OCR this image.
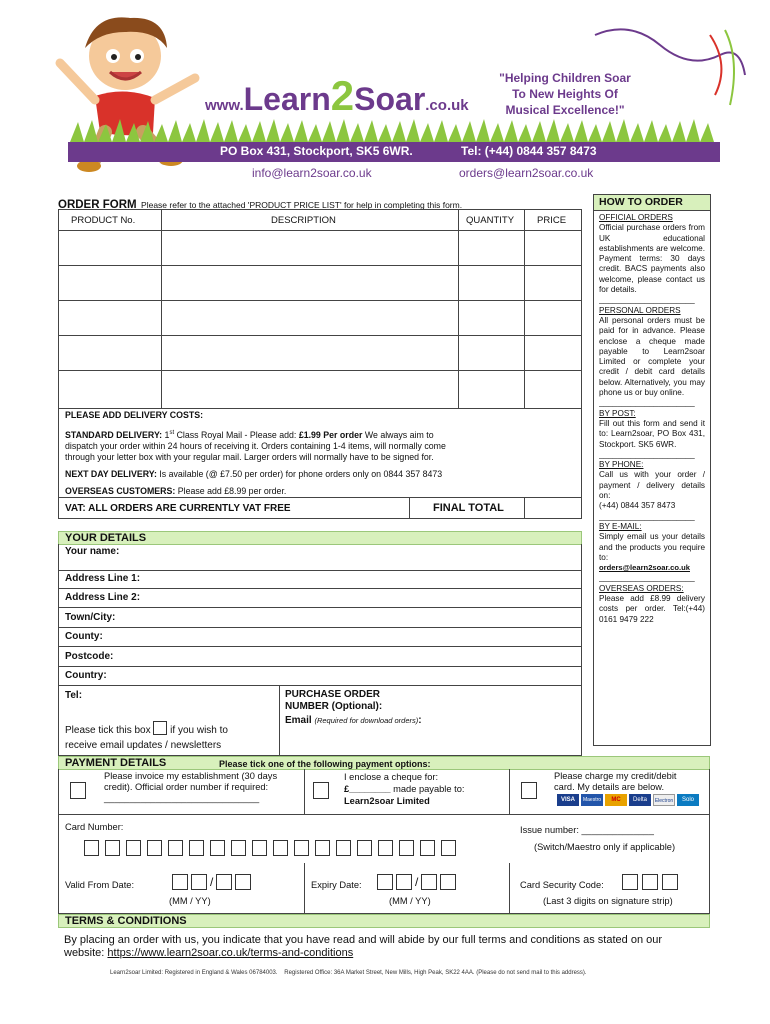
www.Learn2Soar.co.uk
"Helping Children Soar
To New Heights Of
Musical Excellence!"
PO Box 431, Stockport, SK5 6WR.	Tel: (+44) 0844 357 8473
info@learn2soar.co.uk	orders@learn2soar.co.uk
ORDER FORM Please refer to the attached 'PRODUCT PRICE LIST' for help in completing this form.
PRODUCT No.	DESCRIPTION	QUANTITY PRICE
PLEASE ADD DELIVERY COSTS:
STANDARD DELIVERY: 1st Class Royal Mail - Please add: £1.99 Per order We always aim to
dispatch your order within 24 hours of receiving it. Orders containing 1-4 items, will normally come
through your letter box with your regular mail. Larger orders will normally have to be signed for.
NEXT DAY DELIVERY: Is available (@ £7.50 per order) for phone orders only on 0844 357 8473
OVERSEAS CUSTOMERS: Please add £8.99 per order.
VAT: ALL ORDERS ARE CURRENTLY VAT FREE	FINAL TOTAL
HOW TO ORDER
OFFICIAL ORDERS
Official purchase orders from UK educational establishments are welcome. Payment terms: 30 days credit. BACS payments also welcome, please contact us for details.
_____________________
PERSONAL ORDERS
All personal orders must be paid for in advance. Please enclose a cheque made payable to Learn2soar Limited or complete your credit / debit card details below. Alternatively, you may phone us or buy online.
_____________________
BY POST:
Fill out this form and send it to: Learn2soar, PO Box 431, Stockport. SK5 6WR.
_____________________
BY PHONE:
Call us with your order / payment / delivery details on:
(+44) 0844 357 8473
_____________________
BY E-MAIL:
Simply email us your details and the products you require to:
orders@learn2soar.co.uk
_____________________
OVERSEAS ORDERS:
Please add £8.99 delivery costs per order. Tel:(+44) 0161 9479 222
YOUR DETAILS
Your name:
Address Line 1:
Address Line 2:
Town/City:
County:
Postcode:
Country:
Tel:	PURCHASE ORDER
NUMBER (Optional):
Email (Required for download orders):
Please tick this box if you wish to
receive email updates / newsletters
PAYMENT DETAILS	Please tick one of the following payment options:
Please invoice my establishment (30 days
credit). Official order number if required:
______________________________
I enclose a cheque for:
£________ made payable to:
Learn2soar Limited
Please charge my credit/debit
card. My details are below.
VISA	Maestro	MC	Delta	Electron	Solo
Card Number:	Issue number: ______________
(Switch/Maestro only if applicable)
Valid From Date:	/
(MM / YY)
Expiry Date:	/
(MM / YY)
Card Security Code:
(Last 3 digits on signature strip)
TERMS & CONDITIONS
By placing an order with us, you indicate that you have read and will abide by our full terms and conditions as stated on our website: https://www.learn2soar.co.uk/terms-and-conditions
Learn2soar Limited: Registered in England & Wales 06784003. Registered Office: 36A Market Street, New Mills, High Peak, SK22 4AA. (Please do not send mail to this address).
